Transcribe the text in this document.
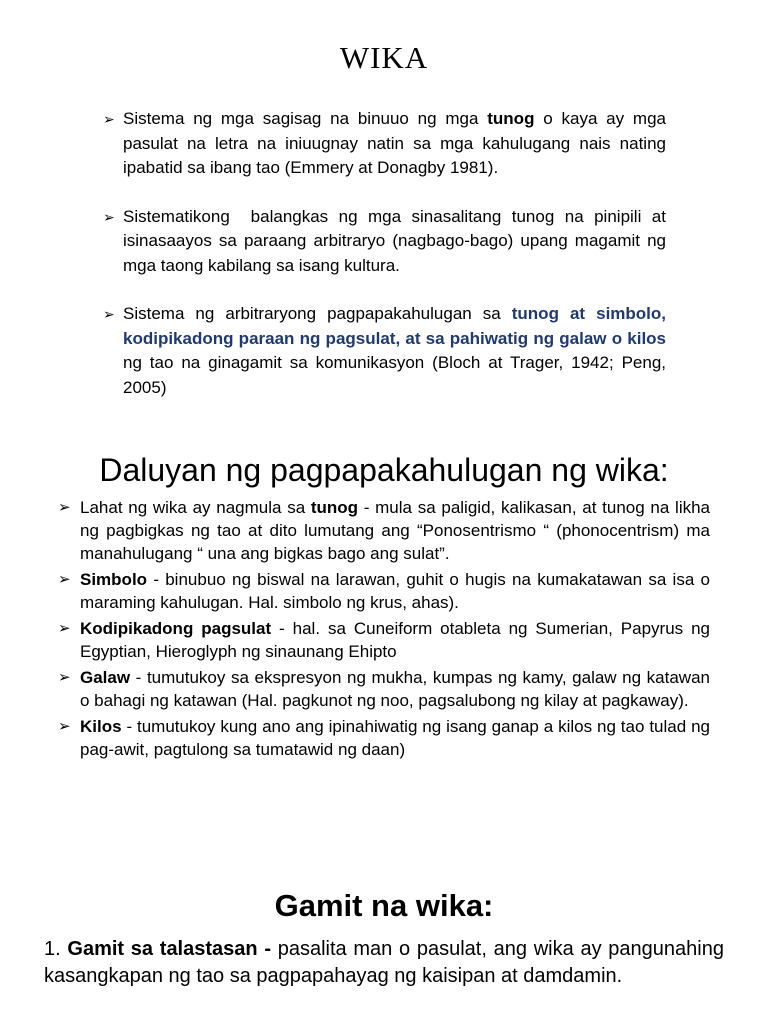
WIKA
➢ Sistema ng mga sagisag na binuuo ng mga tunog o kaya ay mga pasulat na letra na iniuugnay natin sa mga kahulugang nais nating ipabatid sa ibang tao (Emmery at Donagby 1981).
➢ Sistematikong  balangkas ng mga sinasalitang tunog na pinipili at isinasaayos sa paraang arbitraryo (nagbago-bago) upang magamit ng mga taong kabilang sa isang kultura.
➢ Sistema ng arbitraryong pagpapakahulugan sa tunog at simbolo, kodipikadong paraan ng pagsulat, at sa pahiwatig ng galaw o kilos ng tao na ginagamit sa komunikasyon (Bloch at Trager, 1942; Peng, 2005)
Daluyan ng pagpapakahulugan ng wika:
➢ Lahat ng wika ay nagmula sa tunog - mula sa paligid, kalikasan, at tunog na likha ng pagbigkas ng tao at dito lumutang ang “Ponosentrismo “ (phonocentrism) ma manahulugang “ una ang bigkas bago ang sulat”.
➢ Simbolo - binubuo ng biswal na larawan, guhit o hugis na kumakatawan sa isa o maraming kahulugan. Hal. simbolo ng krus, ahas).
➢ Kodipikadong pagsulat - hal. sa Cuneiform otableta ng Sumerian, Papyrus ng Egyptian, Hieroglyph ng sinaunang Ehipto
➢ Galaw - tumutukoy sa ekspresyon ng mukha, kumpas ng kamy, galaw ng katawan o bahagi ng katawan (Hal. pagkunot ng noo, pagsalubong ng kilay at pagkaway).
➢ Kilos - tumutukoy kung ano ang ipinahiwatig ng isang ganap a kilos ng tao tulad ng pag-awit, pagtulong sa tumatawid ng daan)
Gamit na wika:

1. Gamit sa talastasan - pasalita man o pasulat, ang wika ay pangunahing kasangkapan ng tao sa pagpapahayag ng kaisipan at damdamin.
